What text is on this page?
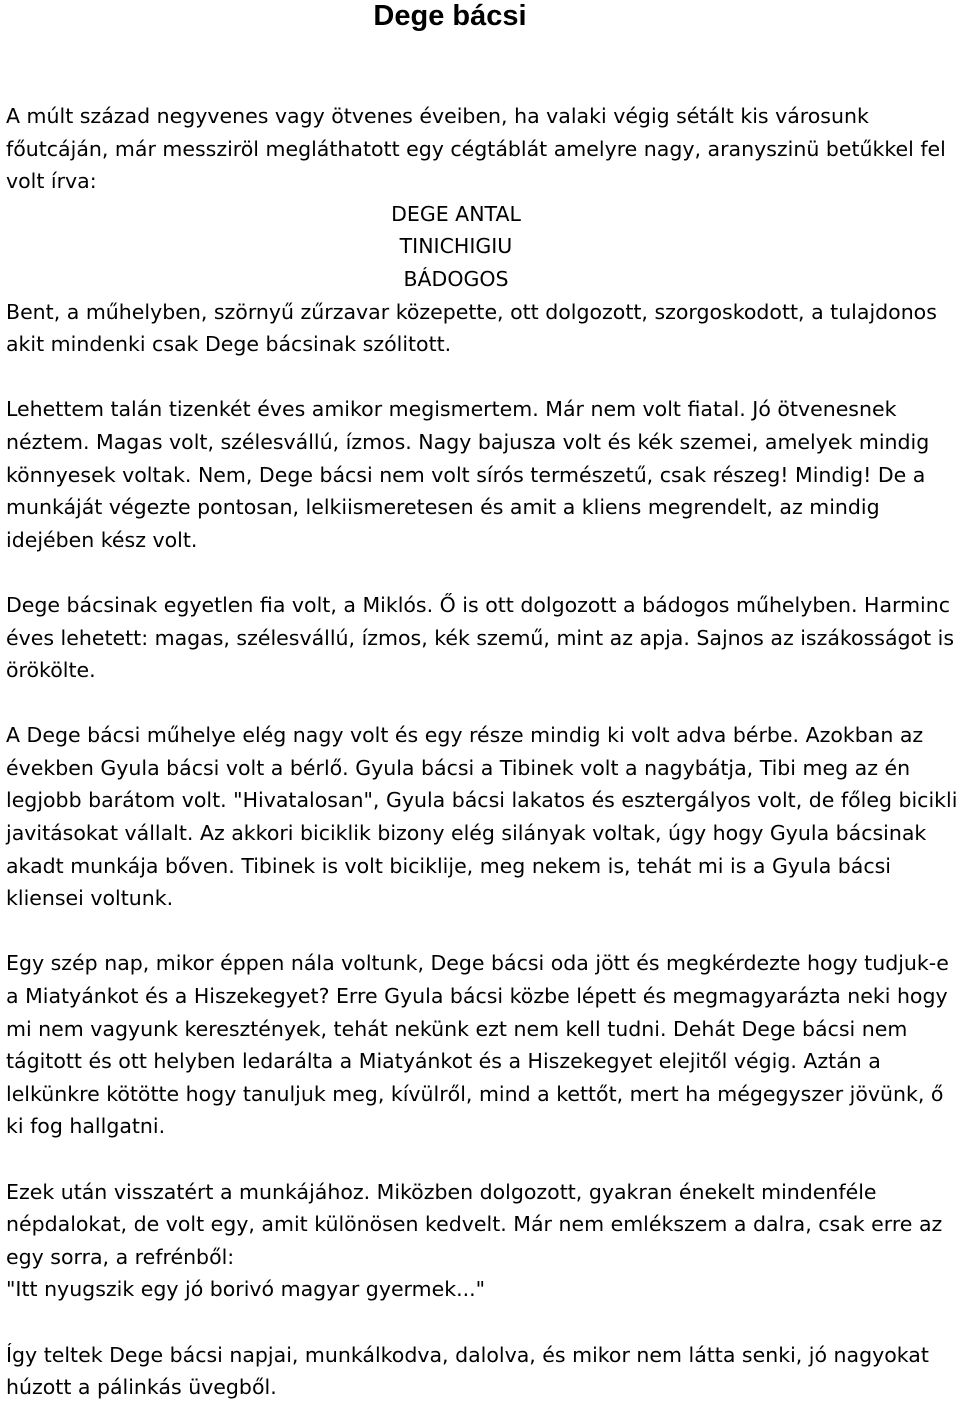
Dege bácsi

A múlt század negyvenes vagy ötvenes éveiben, ha valaki végig sétált kis városunk főutcáján, már messziröl megláthatott egy cégtáblát amelyre nagy, aranyszinü betűkkel fel volt írva:
DEGE ANTAL
TINICHIGIU
BÁDOGOS
Bent, a műhelyben, szörnyű zűrzavar közepette, ott dolgozott, szorgoskodott, a tulajdonos akit mindenki csak Dege bácsinak szólitott.

Lehettem talán tizenkét éves amikor megismertem. Már nem volt fiatal. Jó ötvenesnek néztem. Magas volt, szélesvállú, ízmos. Nagy bajusza volt és kék szemei, amelyek mindig könnyesek voltak. Nem, Dege bácsi nem volt sírós természetű, csak részeg! Mindig! De a munkáját végezte pontosan, lelkiismeretesen és amit a kliens megrendelt, az mindig idejében kész volt.

Dege bácsinak egyetlen fia volt, a Miklós. Ő is ott dolgozott a bádogos műhelyben. Harminc éves lehetett: magas, szélesvállú, ízmos, kék szemű, mint az apja. Sajnos az iszákosságot is örökölte.

A Dege bácsi műhelye elég nagy volt és egy része mindig ki volt adva bérbe. Azokban az években Gyula bácsi volt a bérlő. Gyula bácsi a Tibinek volt a nagybátja, Tibi meg az én legjobb barátom volt. "Hivatalosan", Gyula bácsi lakatos és esztergályos volt, de főleg bicikli javitásokat vállalt. Az akkori biciklik bizony elég silányak voltak, úgy hogy Gyula bácsinak akadt munkája bőven. Tibinek is volt biciklije, meg nekem is, tehát mi is a Gyula bácsi kliensei voltunk.

Egy szép nap, mikor éppen nála voltunk, Dege bácsi oda jött és megkérdezte hogy tudjuk-e a Miatyánkot és a Hiszekegyet? Erre Gyula bácsi közbe lépett és megmagyarázta neki hogy mi nem vagyunk keresztények, tehát nekünk ezt nem kell tudni. Dehát Dege bácsi nem tágitott és ott helyben ledarálta a Miatyánkot és a Hiszekegyet elejitől végig. Aztán a lelkünkre kötötte hogy tanuljuk meg, kívülről, mind a kettőt, mert ha mégegyszer jövünk, ő ki fog hallgatni.

Ezek után visszatért a munkájához. Miközben dolgozott, gyakran énekelt mindenféle népdalokat, de volt egy, amit különösen kedvelt. Már nem emlékszem a dalra, csak erre az egy sorra, a refrénből:
"Itt nyugszik egy jó borivó magyar gyermek..."

Így teltek Dege bácsi napjai, munkálkodva, dalolva, és mikor nem látta senki, jó nagyokat húzott a pálinkás üvegből.
